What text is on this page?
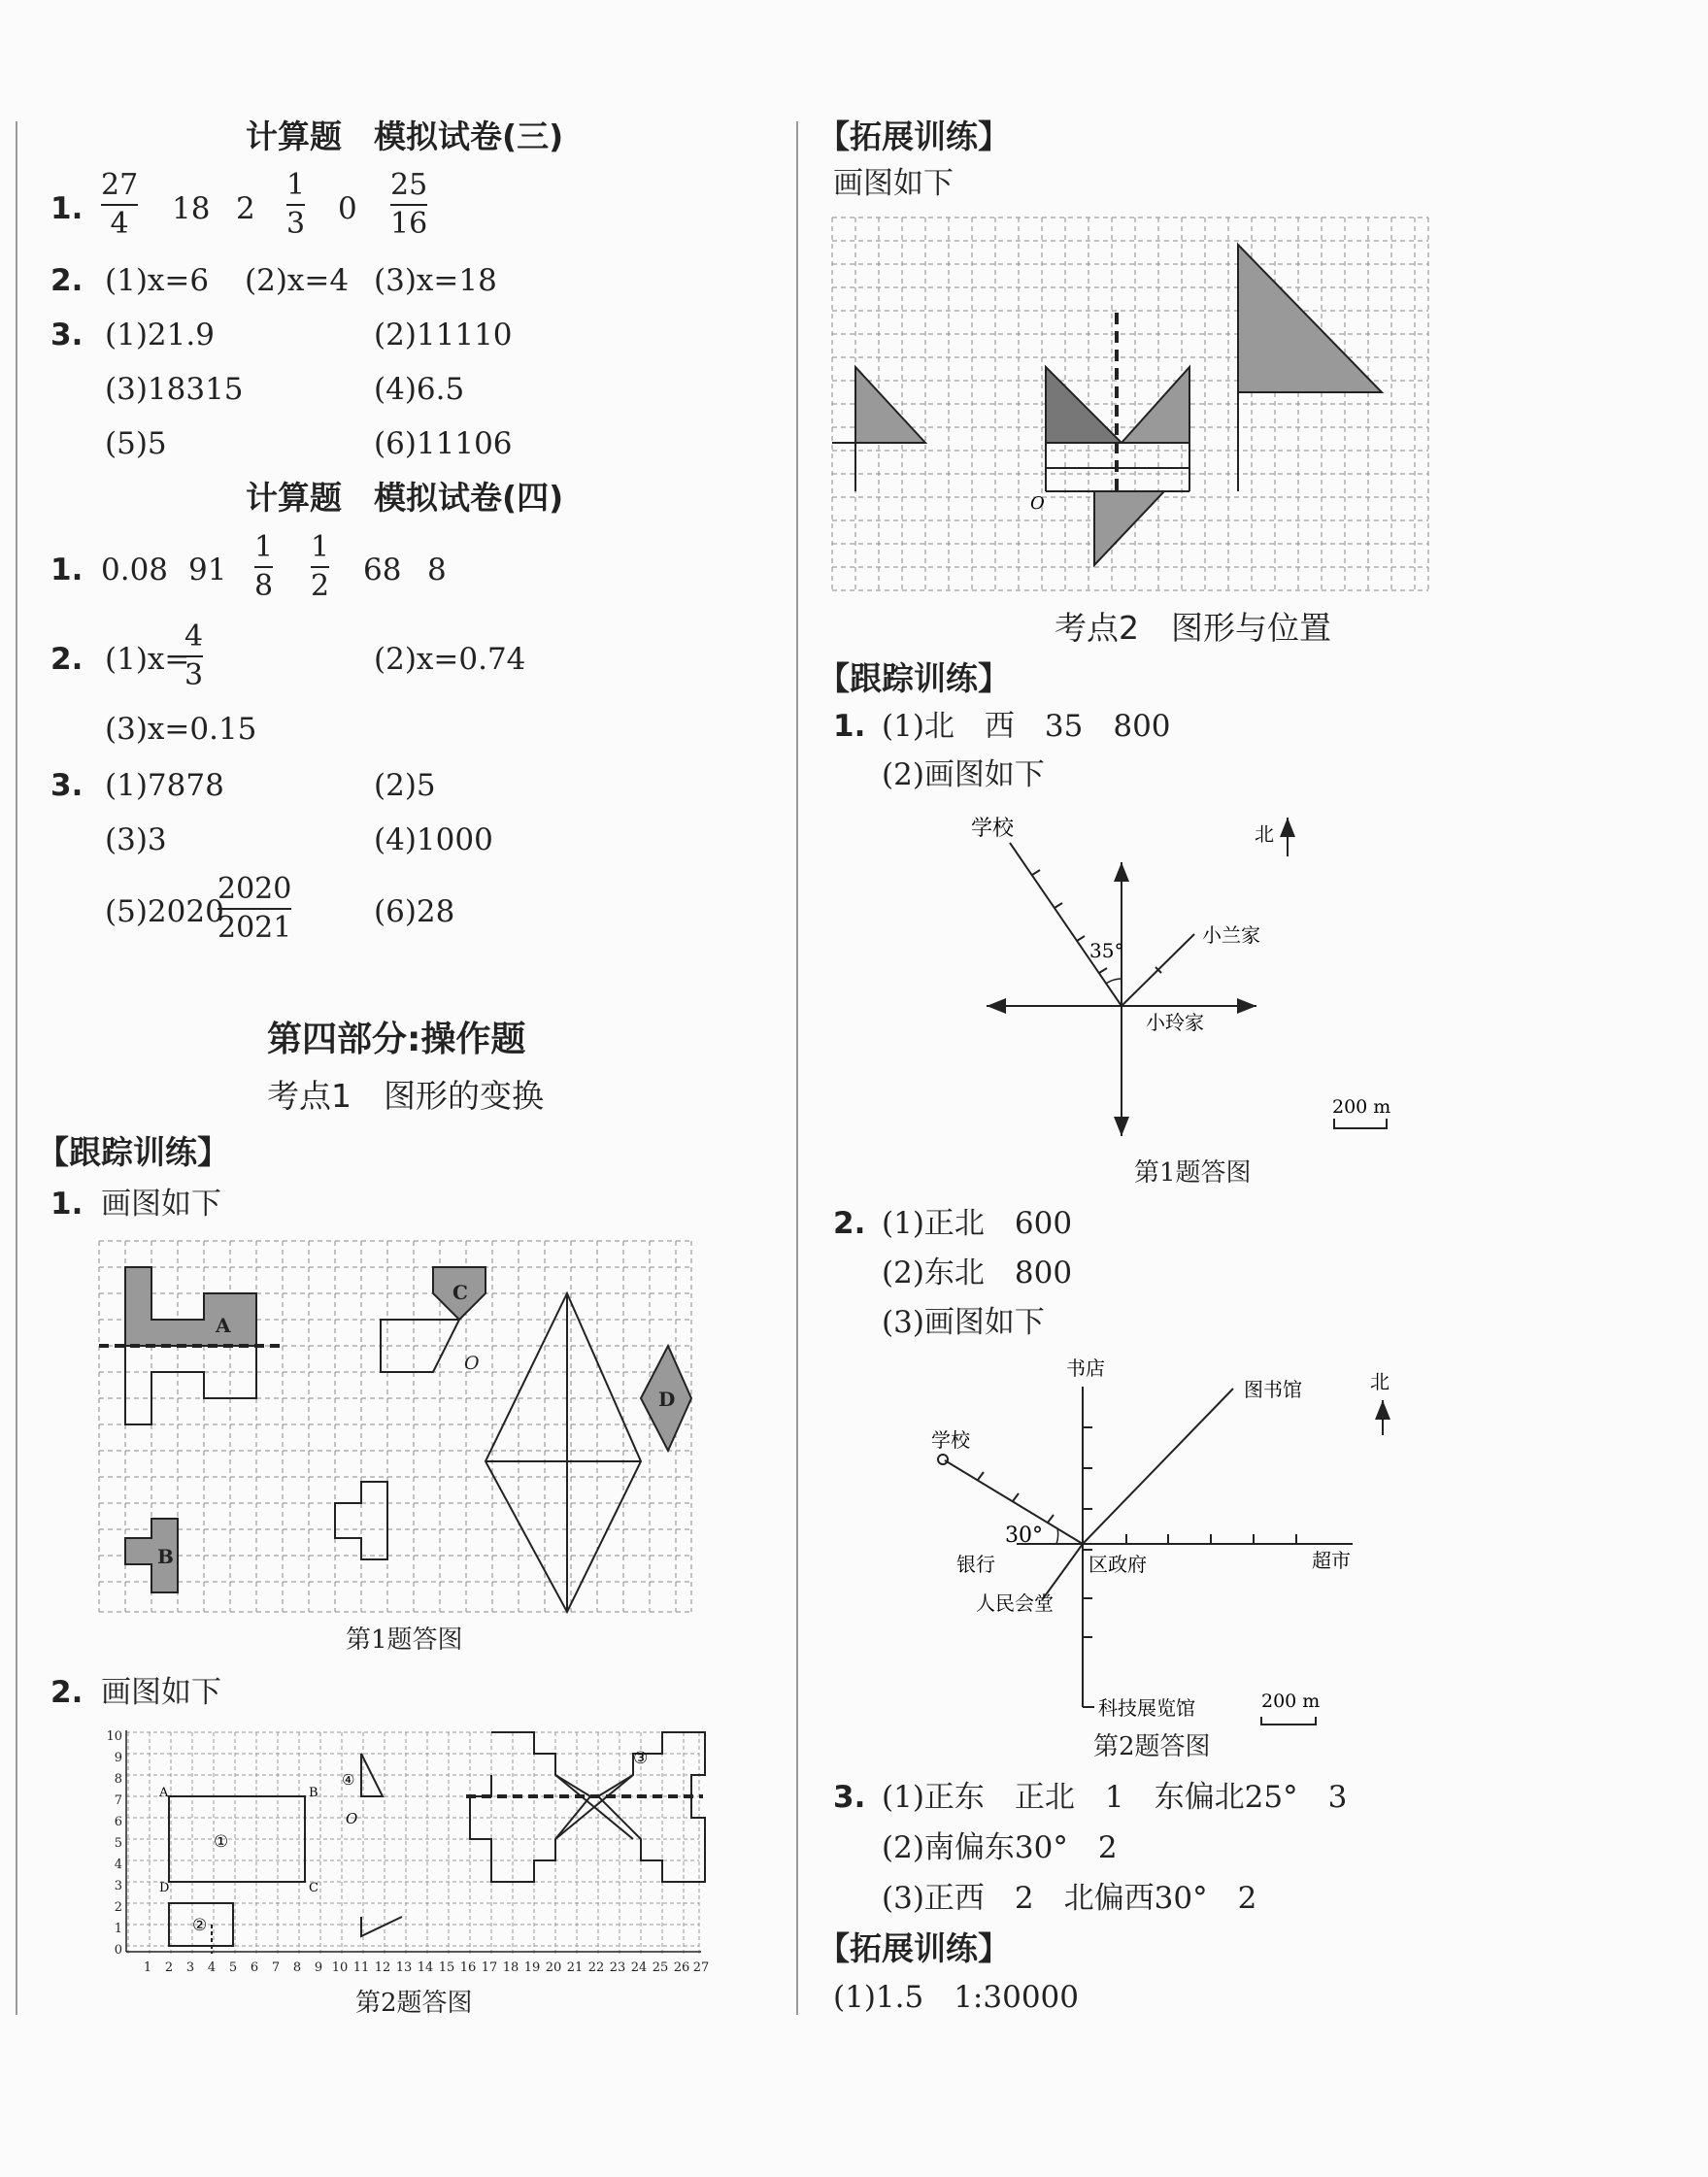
计算题　模拟试卷(三)
1.
27
4 18 2
1
3 0
25
16
2. (1)x=6 (2)x=4 (3)x=18
3. (1)21.9	(2)11110
(3)18315	(4)6.5
(5)5	(6)11106
计算题　模拟试卷(四)
1. 0.08 91
1
8
1
2 68 8
2. (1)x=
4
3	(2)x=0.74
(3)x=0.15
3. (1)7878	(2)5
(3)3	(4)1000
(5)2020
2020
2021	(6)28
第四部分:操作题
考点1　图形的变换
【跟踪训练】
1. 画图如下
A
C
O
D
B
第1题答图
2. 画图如下
0
1
2
3
4
5
6
7
8
9
10
1 2 3 4 5 6 7 8 9 10 11 12 13 14 15 16 17 18 19 20 21 22 23 24 25 26 27
A	B
D	C
①
②
④
O
③
第2题答图
【拓展训练】
画图如下
O
考点2　图形与位置
【跟踪训练】
1. (1)北　西　35　800
(2)画图如下
学校
35°
小兰家
小玲家
北
200 m
第1题答图
2. (1)正北　600
(2)东北　800
(3)画图如下
书店
图书馆	北
学校
30°
银行	区政府	超市
人民会堂
科技展览馆	200 m
第2题答图
3. (1)正东　正北　1　东偏北25°　3
(2)南偏东30°　2
(3)正西　2　北偏西30°　2
【拓展训练】
(1)1.5　1:30000
